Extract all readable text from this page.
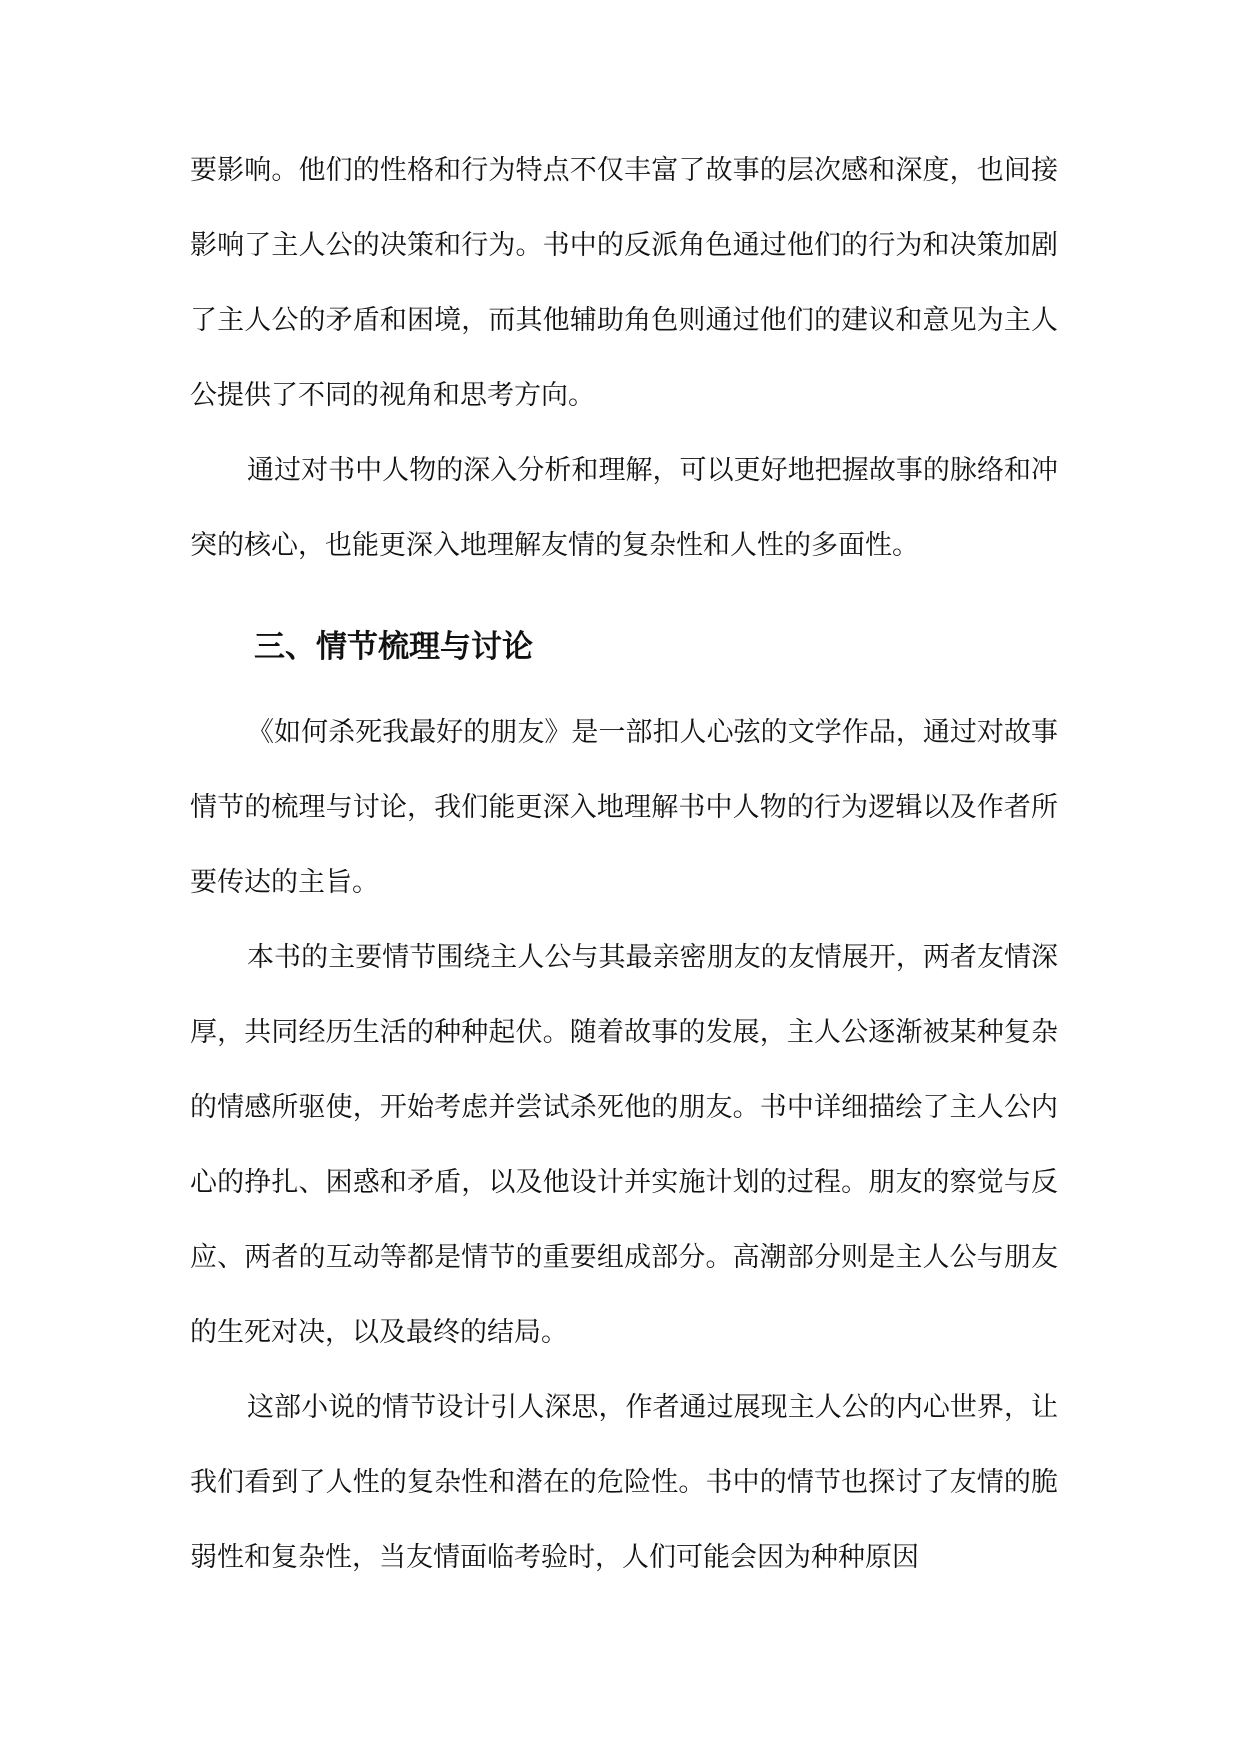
要影响。他们的性格和行为特点不仅丰富了故事的层次感和深度，也间接影响了主人公的决策和行为。书中的反派角色通过他们的行为和决策加剧了主人公的矛盾和困境，而其他辅助角色则通过他们的建议和意见为主人公提供了不同的视角和思考方向。

通过对书中人物的深入分析和理解，可以更好地把握故事的脉络和冲突的核心，也能更深入地理解友情的复杂性和人性的多面性。

三、情节梳理与讨论

《如何杀死我最好的朋友》是一部扣人心弦的文学作品，通过对故事情节的梳理与讨论，我们能更深入地理解书中人物的行为逻辑以及作者所要传达的主旨。

本书的主要情节围绕主人公与其最亲密朋友的友情展开，两者友情深厚，共同经历生活的种种起伏。随着故事的发展，主人公逐渐被某种复杂的情感所驱使，开始考虑并尝试杀死他的朋友。书中详细描绘了主人公内心的挣扎、困惑和矛盾，以及他设计并实施计划的过程。朋友的察觉与反应、两者的互动等都是情节的重要组成部分。高潮部分则是主人公与朋友的生死对决，以及最终的结局。

这部小说的情节设计引人深思，作者通过展现主人公的内心世界，让我们看到了人性的复杂性和潜在的危险性。书中的情节也探讨了友情的脆弱性和复杂性，当友情面临考验时，人们可能会因为种种原因
